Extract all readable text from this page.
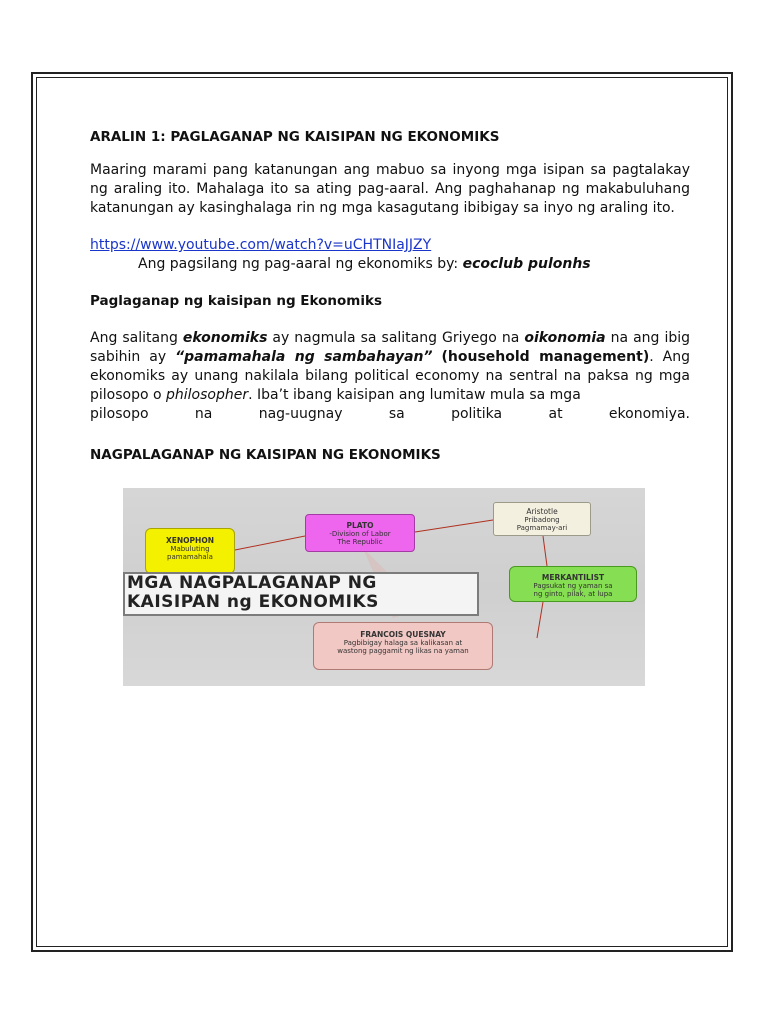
ARALIN 1: PAGLAGANAP NG KAISIPAN NG EKONOMIKS

Maaring marami pang katanungan ang mabuo sa inyong mga isipan sa pagtalakay ng araling ito. Mahalaga ito sa ating pag-aaral. Ang paghahanap ng makabuluhang katanungan ay kasinghalaga rin ng mga kasagutang ibibigay sa inyo ng araling ito.

https://www.youtube.com/watch?v=uCHTNIaJJZY

Ang pagsilang ng pag-aaral ng ekonomiks by: ecoclub pulonhs

Paglaganap ng kaisipan ng Ekonomiks

Ang salitang ekonomiks ay nagmula sa salitang Griyego na oikonomia na ang ibig sabihin ay “pamamahala ng sambahayan” (household management). Ang ekonomiks ay unang nakilala bilang political economy na sentral na paksa ng mga pilosopo o philosopher. Iba’t ibang kaisipan ang lumitaw mula sa mga

pilosopo na nag-uugnay sa politika at ekonomiya.

NAGPALAGANAP NG KAISIPAN NG EKONOMIKS

XENOPHON
Mabuluting
pamamahala
PLATO
-Division of Labor
The Republic
Aristotle
Pribadong
Pagmamay-ari
MERKANTILIST
Pagsukat ng yaman sa
ng ginto, pilak, at lupa
FRANCOIS QUESNAY
Pagbibigay halaga sa kalikasan at
wastong paggamit ng likas na yaman
MGA NAGPALAGANAP NG
KAISIPAN ng EKONOMIKS
